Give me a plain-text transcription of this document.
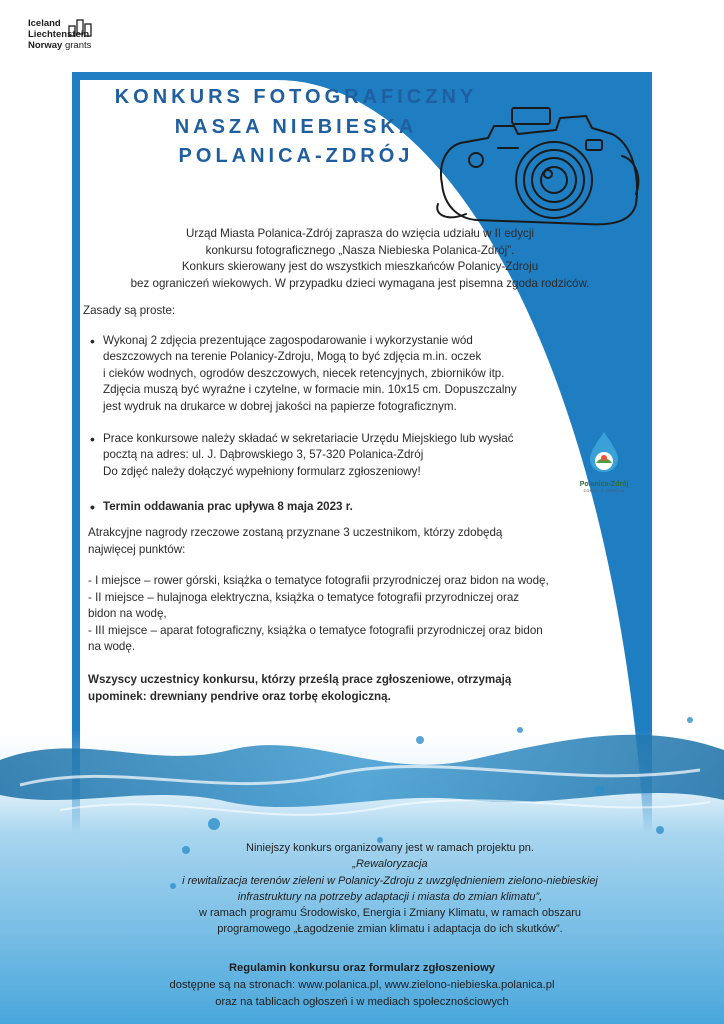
Iceland
Liechtenstein
Norway grants
KONKURS FOTOGRAFICZNY
NASZA NIEBIESKA
POLANICA-ZDRÓJ
Urząd Miasta Polanica-Zdrój zaprasza do wzięcia udziału w II edycji
konkursu fotograficznego „Nasza Niebieska Polanica-Zdrój”.
Konkurs skierowany jest do wszystkich mieszkańców Polanicy-Zdroju
bez ograniczeń wiekowych. W przypadku dzieci wymagana jest pisemna zgoda rodziców.
Zasady są proste:
• Wykonaj 2 zdjęcia prezentujące zagospodarowanie i wykorzystanie wód
deszczowych na terenie Polanicy-Zdroju, Mogą to być zdjęcia m.in. oczek
i cieków wodnych, ogrodów deszczowych, niecek retencyjnych, zbiorników itp.
Zdjęcia muszą być wyraźne i czytelne, w formacie min. 10x15 cm. Dopuszczalny
jest wydruk na drukarce w dobrej jakości na papierze fotograficznym.
• Prace konkursowe należy składać w sekretariacie Urzędu Miejskiego lub wysłać
pocztą na adres: ul. J. Dąbrowskiego 3, 57-320 Polanica-Zdrój
Do zdjęć należy dołączyć wypełniony formularz zgłoszeniowy!
• Termin oddawania prac upływa 8 maja 2023 r.
Polanica-Zdrój
ZDRÓJ Z ZDROJA
Atrakcyjne nagrody rzeczowe zostaną przyznane 3 uczestnikom, którzy zdobędą
najwięcej punktów:
- I miejsce – rower górski, książka o tematyce fotografii przyrodniczej oraz bidon na wodę,
- II miejsce – hulajnoga elektryczna, książka o tematyce fotografii przyrodniczej oraz
bidon na wodę,
- III miejsce – aparat fotograficzny, książka o tematyce fotografii przyrodniczej oraz bidon
na wodę.
Wszyscy uczestnicy konkursu, którzy prześlą prace zgłoszeniowe, otrzymają
upominek: drewniany pendrive oraz torbę ekologiczną.
Niniejszy konkurs organizowany jest w ramach projektu pn.
„Rewaloryzacja
i rewitalizacja terenów zieleni w Polanicy-Zdroju z uwzględnieniem zielono-niebieskiej
infrastruktury na potrzeby adaptacji i miasta do zmian klimatu”,
w ramach programu Środowisko, Energia i Zmiany Klimatu, w ramach obszaru
programowego „Łagodzenie zmian klimatu i adaptacja do ich skutków”.
Regulamin konkursu oraz formularz zgłoszeniowy
dostępne są na stronach: www.polanica.pl, www.zielono-niebieska.polanica.pl
oraz na tablicach ogłoszeń i w mediach społecznościowych
